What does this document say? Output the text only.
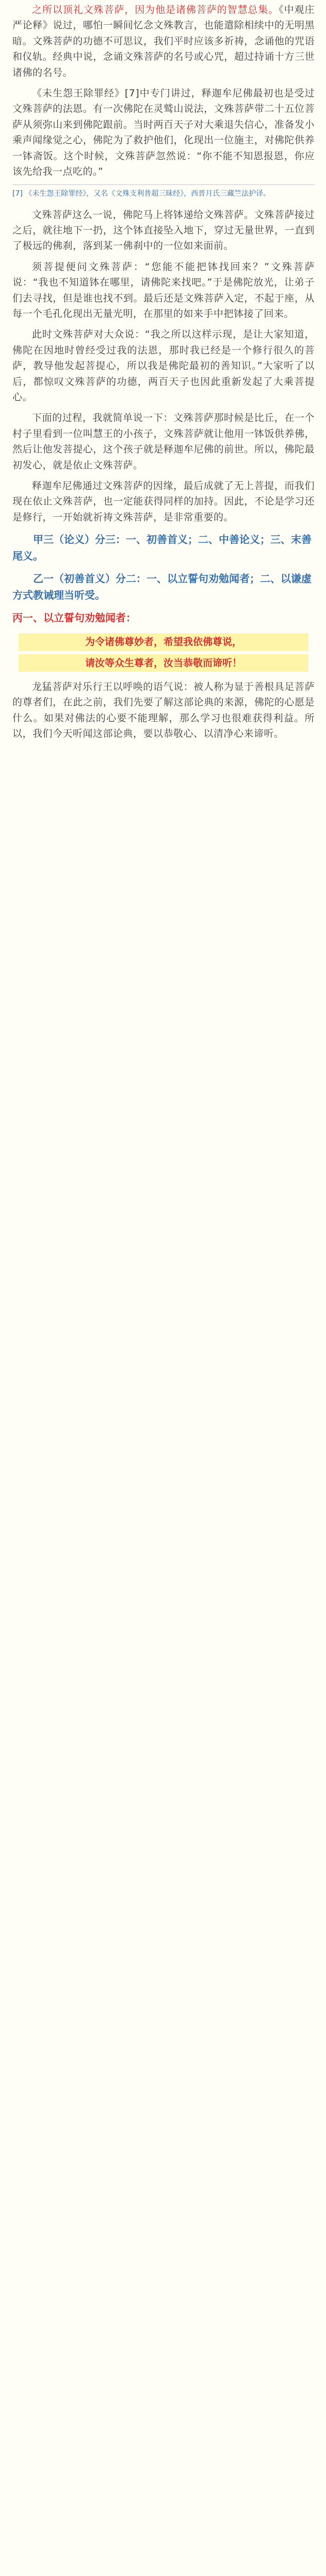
之所以顶礼文殊菩萨，因为他是诸佛菩萨的智慧总集。《中观庄严论释》说过，哪怕一瞬间忆念文殊教言，也能遣除相续中的无明黑暗。文殊菩萨的功德不可思议，我们平时应该多祈祷，念诵他的咒语和仪轨。经典中说，念诵文殊菩萨的名号或心咒，超过持诵十方三世诸佛的名号。

《未生怨王除罪经》[7]中专门讲过，释迦牟尼佛最初也是受过文殊菩萨的法恩。有一次佛陀在灵鹫山说法，文殊菩萨带二十五位菩萨从须弥山来到佛陀跟前。当时两百天子对大乘退失信心，准备发小乘声闻缘觉之心，佛陀为了救护他们，化现出一位施主，对佛陀供养一钵斋饭。这个时候，文殊菩萨忽然说：“你不能不知恩报恩，你应该先给我一点吃的。”

[7] 《未生怨王除罪经》，又名《文殊支利普超三昧经》，西晋月氏三藏竺法护译。

文殊菩萨这么一说，佛陀马上将钵递给文殊菩萨。文殊菩萨接过之后，就往地下一扔，这个钵直接坠入地下，穿过无量世界，一直到了极远的佛刹，落到某一佛刹中的一位如来面前。

须菩提便问文殊菩萨：“您能不能把钵找回来？”文殊菩萨说：“我也不知道钵在哪里，请佛陀来找吧。”于是佛陀放光，让弟子们去寻找，但是谁也找不到。最后还是文殊菩萨入定，不起于座，从每一个毛孔化现出无量光明，在那里的如来手中把钵接了回来。

此时文殊菩萨对大众说：“我之所以这样示现，是让大家知道，佛陀在因地时曾经受过我的法恩，那时我已经是一个修行很久的菩萨，教导他发起菩提心，所以我是佛陀最初的善知识。”大家听了以后，都惊叹文殊菩萨的功德，两百天子也因此重新发起了大乘菩提心。

下面的过程，我就简单说一下：文殊菩萨那时候是比丘，在一个村子里看到一位叫慧王的小孩子，文殊菩萨就让他用一钵饭供养佛，然后让他发菩提心，这个孩子就是释迦牟尼佛的前世。所以，佛陀最初发心，就是依止文殊菩萨。

释迦牟尼佛通过文殊菩萨的因缘，最后成就了无上菩提，而我们现在依止文殊菩萨，也一定能获得同样的加持。因此，不论是学习还是修行，一开始就祈祷文殊菩萨，是非常重要的。

甲三（论义）分三：一、初善首义；二、中善论义；三、末善尾义。
乙一（初善首义）分二：一、以立誓句劝勉闻者；二、以谦虚方式教诫理当听受。
丙一、以立誓句劝勉闻者：
为令诸佛尊妙者，希望我依佛尊说，
请汝等众生尊者，汝当恭敬而谛听！

龙猛菩萨对乐行王以呼唤的语气说：被人称为显于善根具足菩萨的尊者们，在此之前，我们先要了解这部论典的来源，佛陀的心愿是什么。如果对佛法的心要不能理解，那么学习也很难获得利益。所以，我们今天听闻这部论典，要以恭敬心、以清净心来谛听。
